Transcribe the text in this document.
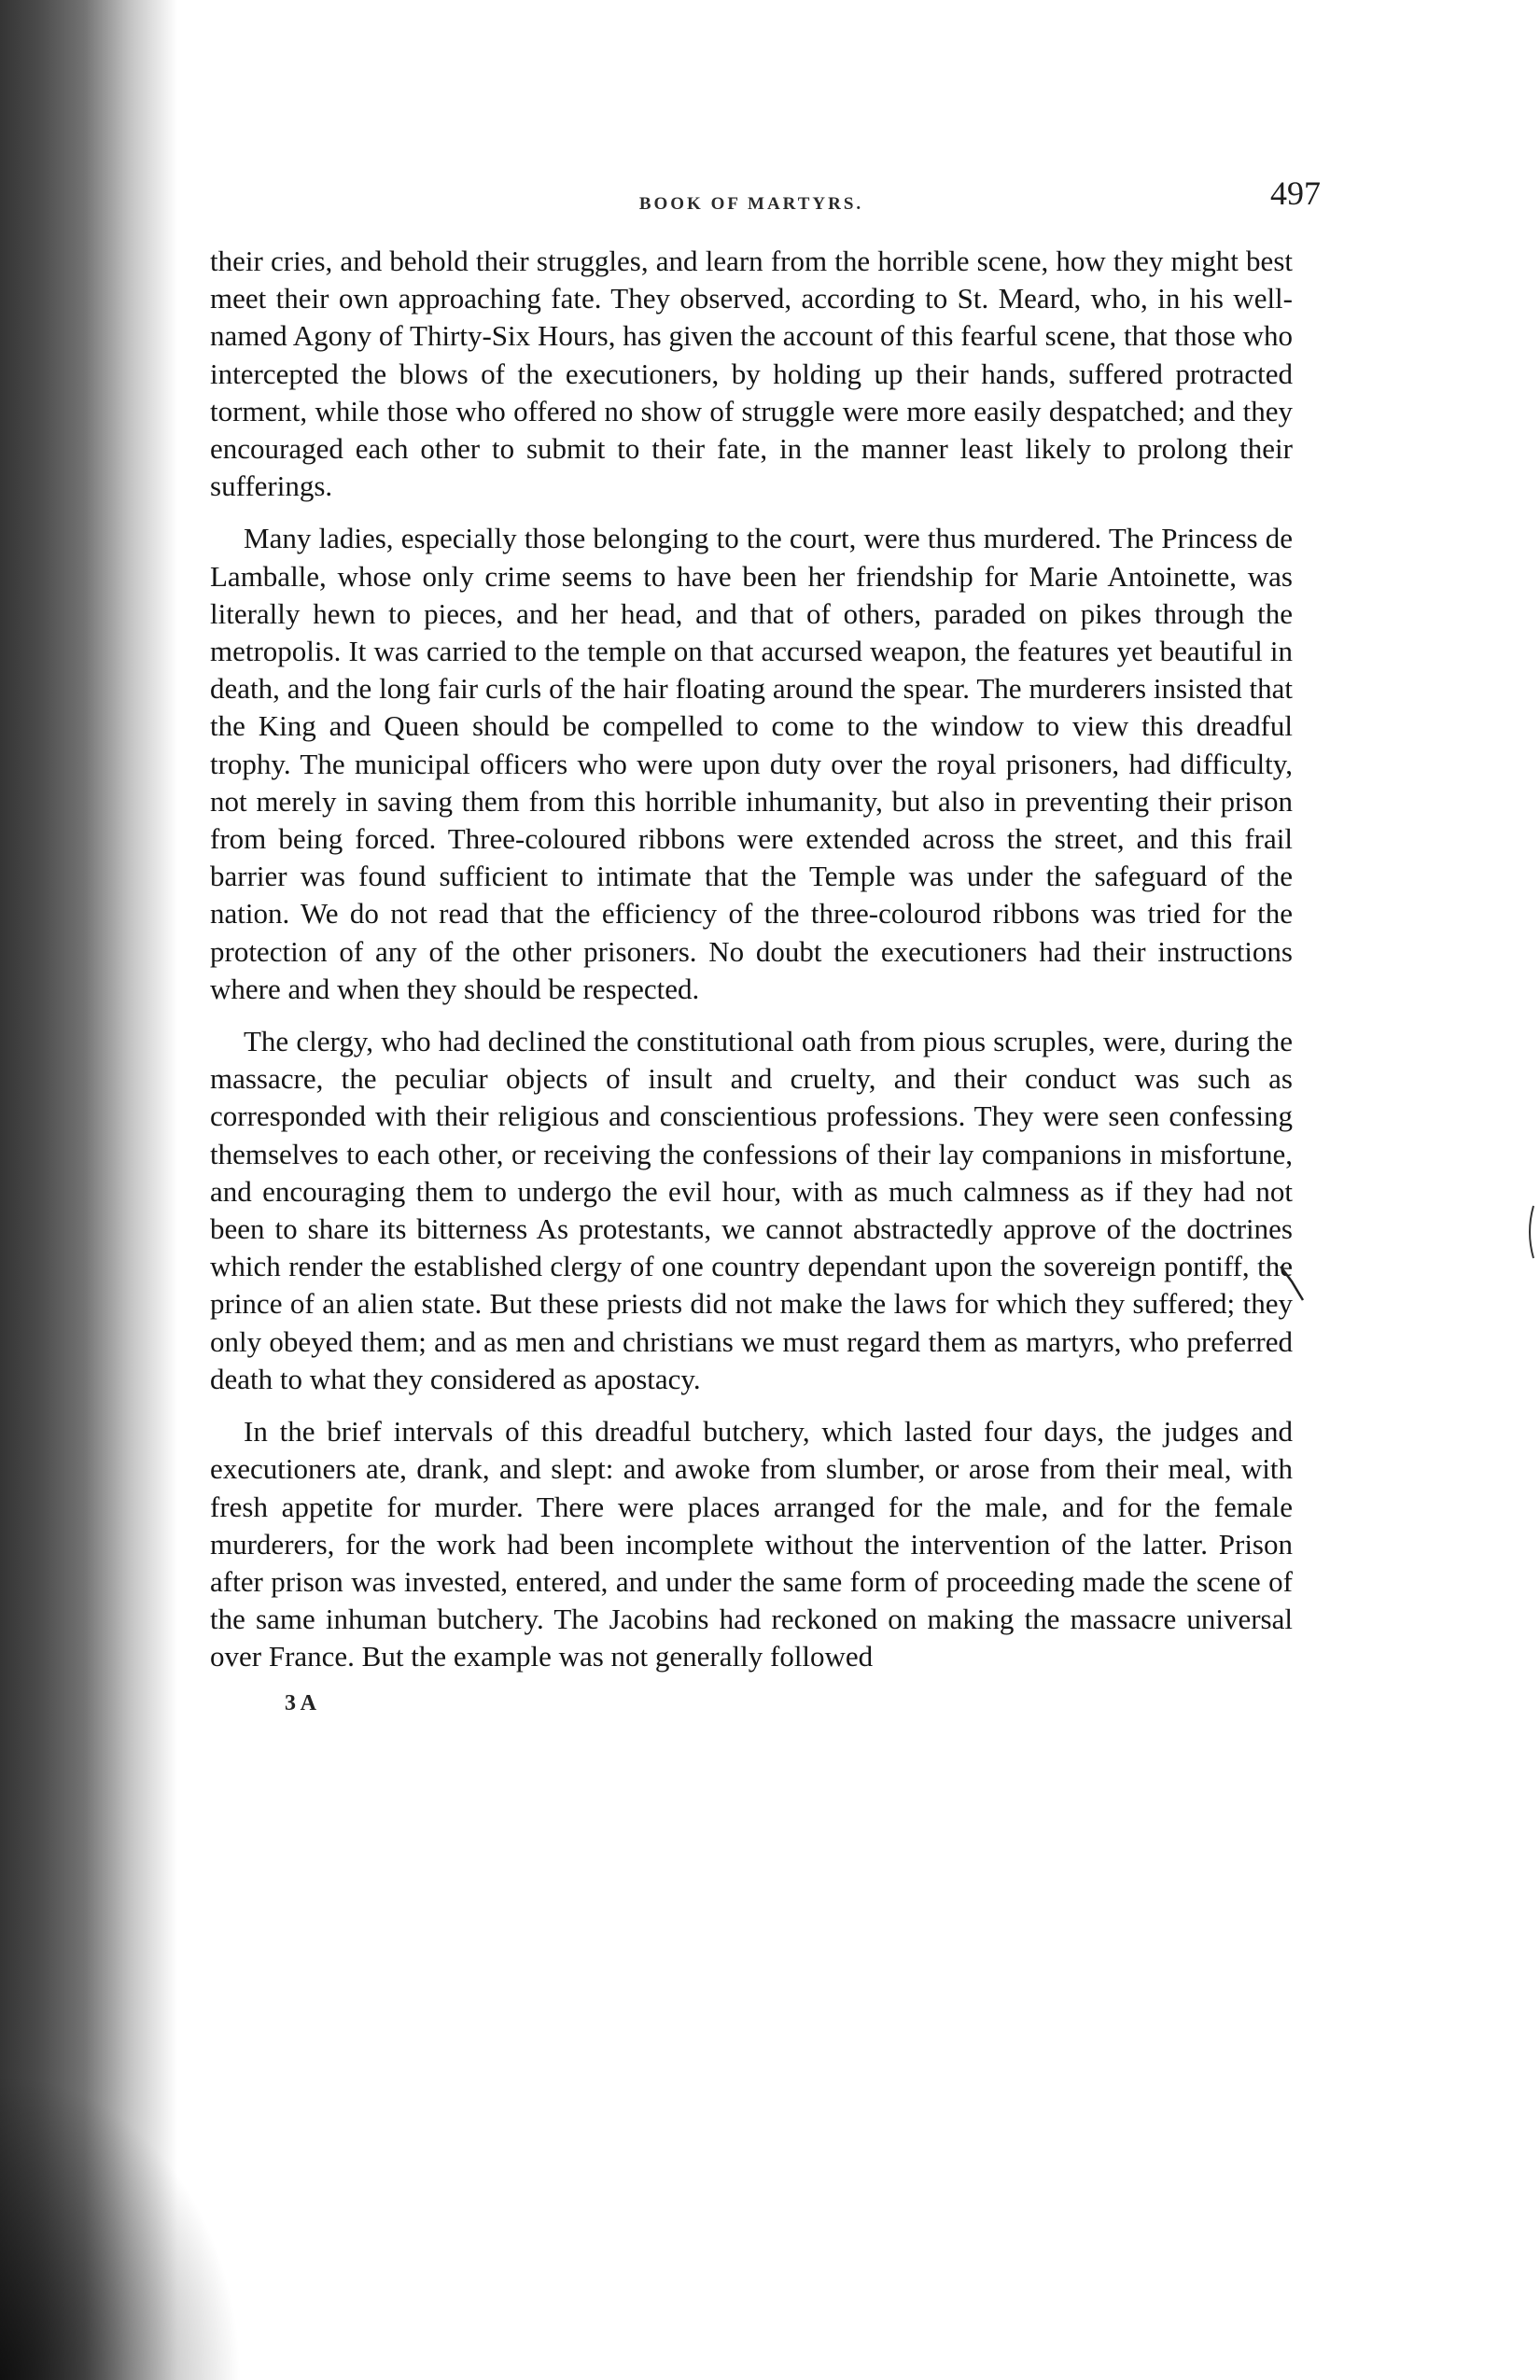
BOOK OF MARTYRS.	497

their cries, and behold their struggles, and learn from the horrible scene, how they might best meet their own approaching fate. They observed, according to St. Meard, who, in his well-named Agony of Thirty-Six Hours, has given the account of this fearful scene, that those who intercepted the blows of the executioners, by holding up their hands, suffered protracted torment, while those who offered no show of struggle were more easily despatched; and they encouraged each other to submit to their fate, in the manner least likely to prolong their sufferings.

Many ladies, especially those belonging to the court, were thus murdered. The Princess de Lamballe, whose only crime seems to have been her friendship for Marie Antoinette, was literally hewn to pieces, and her head, and that of others, paraded on pikes through the metropolis. It was carried to the temple on that accursed weapon, the features yet beautiful in death, and the long fair curls of the hair floating around the spear. The murderers insisted that the King and Queen should be compelled to come to the window to view this dreadful trophy. The municipal officers who were upon duty over the royal prisoners, had difficulty, not merely in saving them from this horrible inhumanity, but also in preventing their prison from being forced. Three-coloured ribbons were extended across the street, and this frail barrier was found sufficient to intimate that the Temple was under the safeguard of the nation. We do not read that the efficiency of the three-colourod ribbons was tried for the protection of any of the other prisoners. No doubt the executioners had their instructions where and when they should be respected.

The clergy, who had declined the constitutional oath from pious scruples, were, during the massacre, the peculiar objects of insult and cruelty, and their conduct was such as corresponded with their religious and conscientious professions. They were seen confessing themselves to each other, or receiving the confessions of their lay companions in misfortune, and encouraging them to undergo the evil hour, with as much calmness as if they had not been to share its bitterness As protestants, we cannot abstractedly approve of the doctrines which render the established clergy of one country dependant upon the sovereign pontiff, the prince of an alien state. But these priests did not make the laws for which they suffered; they only obeyed them; and as men and christians we must regard them as martyrs, who preferred death to what they considered as apostacy.

In the brief intervals of this dreadful butchery, which lasted four days, the judges and executioners ate, drank, and slept: and awoke from slumber, or arose from their meal, with fresh appetite for murder. There were places arranged for the male, and for the female murderers, for the work had been incomplete without the intervention of the latter. Prison after prison was invested, entered, and under the same form of proceeding made the scene of the same inhuman butchery. The Jacobins had reckoned on making the massacre universal over France. But the example was not generally followed

3 A
